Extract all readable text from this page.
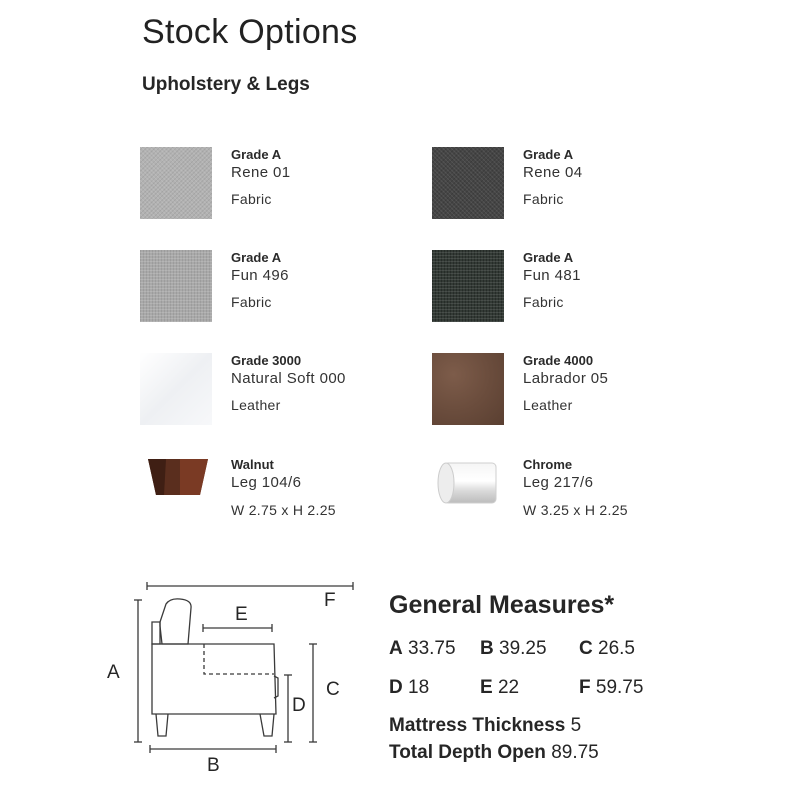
Stock Options
Upholstery & Legs
Grade A
Rene 01
Fabric
Grade A
Rene 04
Fabric
Grade A
Fun 496
Fabric
Grade A
Fun 481
Fabric
Grade 3000
Natural Soft 000
Leather
Grade 4000
Labrador 05
Leather
Walnut
Leg 104/6
W 2.75 x H 2.25
Chrome
Leg 217/6
W 3.25 x H 2.25
A
B
C
D
E
F General Measures*
A 33.75 B 39.25 C 26.5
D 18	E 22	F 59.75
Mattress Thickness 5
Total Depth Open 89.75
